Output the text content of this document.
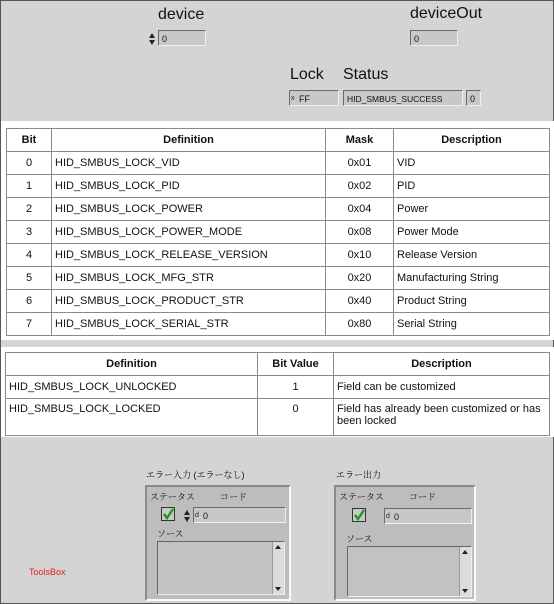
device
0
deviceOut
0
Lock
FF
x
Status
HID_SMBUS_SUCCESS	0
Bit	Definition	Mask	Description
0	HID_SMBUS_LOCK_VID	0x01	VID
1	HID_SMBUS_LOCK_PID	0x02	PID
2	HID_SMBUS_LOCK_POWER	0x04	Power
3	HID_SMBUS_LOCK_POWER_MODE	0x08	Power Mode
4	HID_SMBUS_LOCK_RELEASE_VERSION	0x10	Release Version
5	HID_SMBUS_LOCK_MFG_STR	0x20	Manufacturing String
6	HID_SMBUS_LOCK_PRODUCT_STR	0x40	Product String
7	HID_SMBUS_LOCK_SERIAL_STR	0x80	Serial String
Definition	Bit Value	Description
HID_SMBUS_LOCK_UNLOCKED	1	Field can be customized
HID_SMBUS_LOCK_LOCKED	0	Field has already been customized or has been locked
エラー入力 (エラーなし)
ステータス	コード
0
d
ソース
エラー出力
ステータス	コード
0
d
ソース
ToolsBox
